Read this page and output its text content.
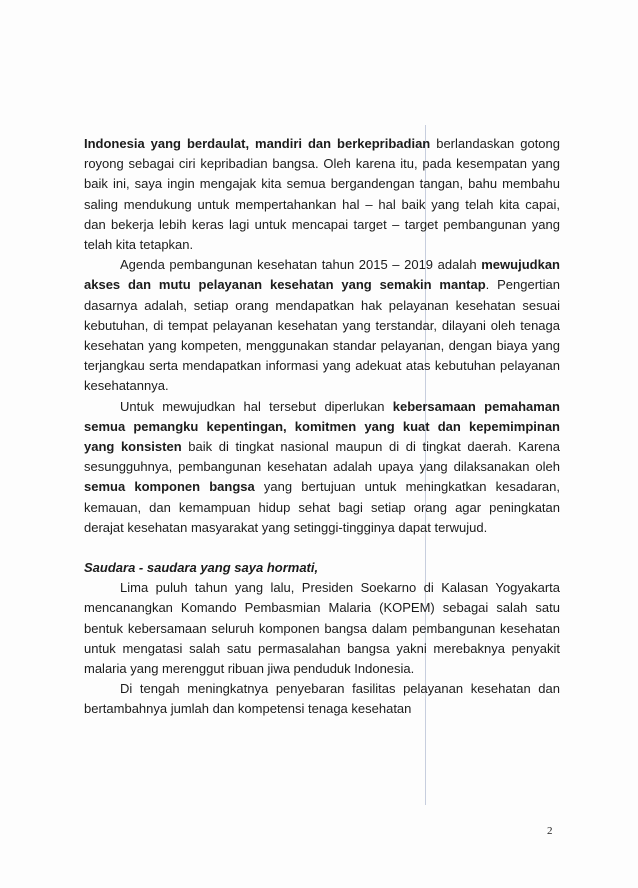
Indonesia yang berdaulat, mandiri dan berkepribadian berlandaskan gotong royong sebagai ciri kepribadian bangsa. Oleh karena itu, pada kesempatan yang baik ini, saya ingin mengajak kita semua bergandengan tangan, bahu membahu saling mendukung untuk mempertahankan hal – hal baik yang telah kita capai, dan bekerja lebih keras lagi untuk mencapai target – target pembangunan yang telah kita tetapkan.

Agenda pembangunan kesehatan tahun 2015 – 2019 adalah mewujudkan akses dan mutu pelayanan kesehatan yang semakin mantap. Pengertian dasarnya adalah, setiap orang mendapatkan hak pelayanan kesehatan sesuai kebutuhan, di tempat pelayanan kesehatan yang terstandar, dilayani oleh tenaga kesehatan yang kompeten, menggunakan standar pelayanan, dengan biaya yang terjangkau serta mendapatkan informasi yang adekuat atas kebutuhan pelayanan kesehatannya.

Untuk mewujudkan hal tersebut diperlukan kebersamaan pemahaman semua pemangku kepentingan, komitmen yang kuat dan kepemimpinan yang konsisten baik di tingkat nasional maupun di di tingkat daerah. Karena sesungguhnya, pembangunan kesehatan adalah upaya yang dilaksanakan oleh semua komponen bangsa yang bertujuan untuk meningkatkan kesadaran, kemauan, dan kemampuan hidup sehat bagi setiap orang agar peningkatan derajat kesehatan masyarakat yang setinggi-tingginya dapat terwujud.

Saudara - saudara yang saya hormati,

Lima puluh tahun yang lalu, Presiden Soekarno di Kalasan Yogyakarta mencanangkan Komando Pembasmian Malaria (KOPEM) sebagai salah satu bentuk kebersamaan seluruh komponen bangsa dalam pembangunan kesehatan untuk mengatasi salah satu permasalahan bangsa yakni merebaknya penyakit malaria yang merenggut ribuan jiwa penduduk Indonesia.

Di tengah meningkatnya penyebaran fasilitas pelayanan kesehatan dan bertambahnya jumlah dan kompetensi tenaga kesehatan

2
